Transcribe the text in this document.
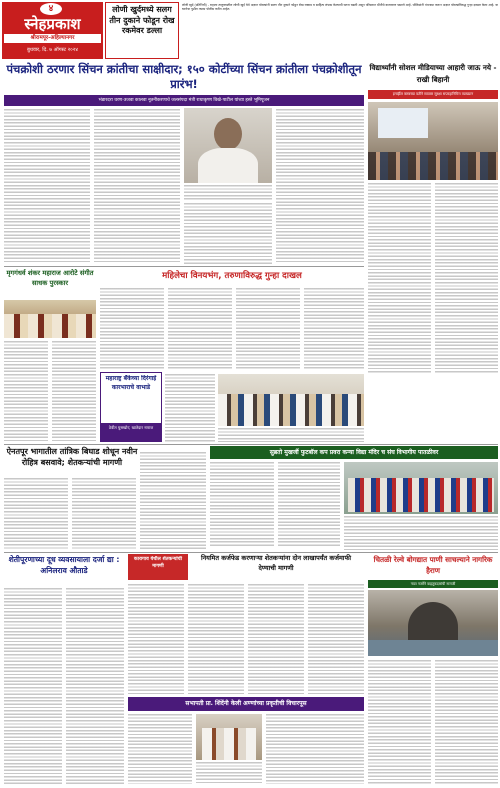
४
स्नेहप्रकाश
श्रीरामपूर-अहिल्यानगर
बुधवार, दि. ७ ऑगस्ट २०२४
लोणी खुर्दमध्ये सलग तीन दुकाने फोडून रोख रकमेवर डल्ला
लोणी खुर्द (प्रतिनिधी) - राहाता तालुक्यातील लोणी खुर्द येथे अज्ञात चोरट्यांनी सलग तीन दुकाने फोडून रोख रक्कम व साहित्य लंपास केल्याची घटना घडली असून परिसरात भीतीचे वातावरण पसरले आहे. पोलिसांनी पंचनामा करून अज्ञात चोरट्यांविरुद्ध गुन्हा दाखल केला आहे. या घटनेचा पुढील तपास पोलीस करीत आहेत.
पंचक्रोशी ठरणार सिंचन क्रांतीचा साक्षीदार; १५० कोटींच्या सिंचन क्रांतीला पंचक्रोशीतून प्रारंभ!
भंडारदरा धरण-उजवा कालवा नूतनीकरणाचे जलसंपदा मंत्री राधाकृष्ण विखे-पाटील यांच्या हस्ते भूमिपूजन
विद्यार्थ्यांनी सोशल मीडियाच्या आहारी जाऊ नये - राखी बिहानी
इनर्व्हील क्लबच्या वतीने सायबर सुरक्षा सप्ताहानिमित्त व्याख्यान
मृगगंधर्व शंकर महाराज आरोटे संगीत साधक पुरस्कार
महिलेचा विनयभंग, तरुणाविरुद्ध गुन्हा दाखल
महाराष्ट्र बँकेच्या दिरंगाई कारभाराचे वाभाडे
ठेवीत घुसखोर; खातेदार नाराज
ऐनतपूर भागातील तांत्रिक बिघाड शोधून नवीन रोहित्र बसवावे; शेतकऱ्यांची मागणी
सुब्रतो मुखर्जी फुटबॉल कप प्रवरा कन्या विद्या मंदिर च संघ विभागीय पातळीवर
शेतीपूरणाच्या दूध व्यवसायाला दर्जा द्या : अनिलराव औताडे
कारागाव येथील शेतकऱ्यांची मागणी
नियमित कर्जफेड करणाऱ्या शेतकऱ्यांना दोन लाखापर्यंत कर्जमाफी देण्याची मागणी
चितळी रेल्वे बोगद्यात पाणी साचल्याने नागरिक हैराण
नवत नजर्रेने वाहतूकदारांची नाराजी
सभापती प्रा. शिंदेंनी केली अण्णांच्या प्रकृतीची विचारपूस
